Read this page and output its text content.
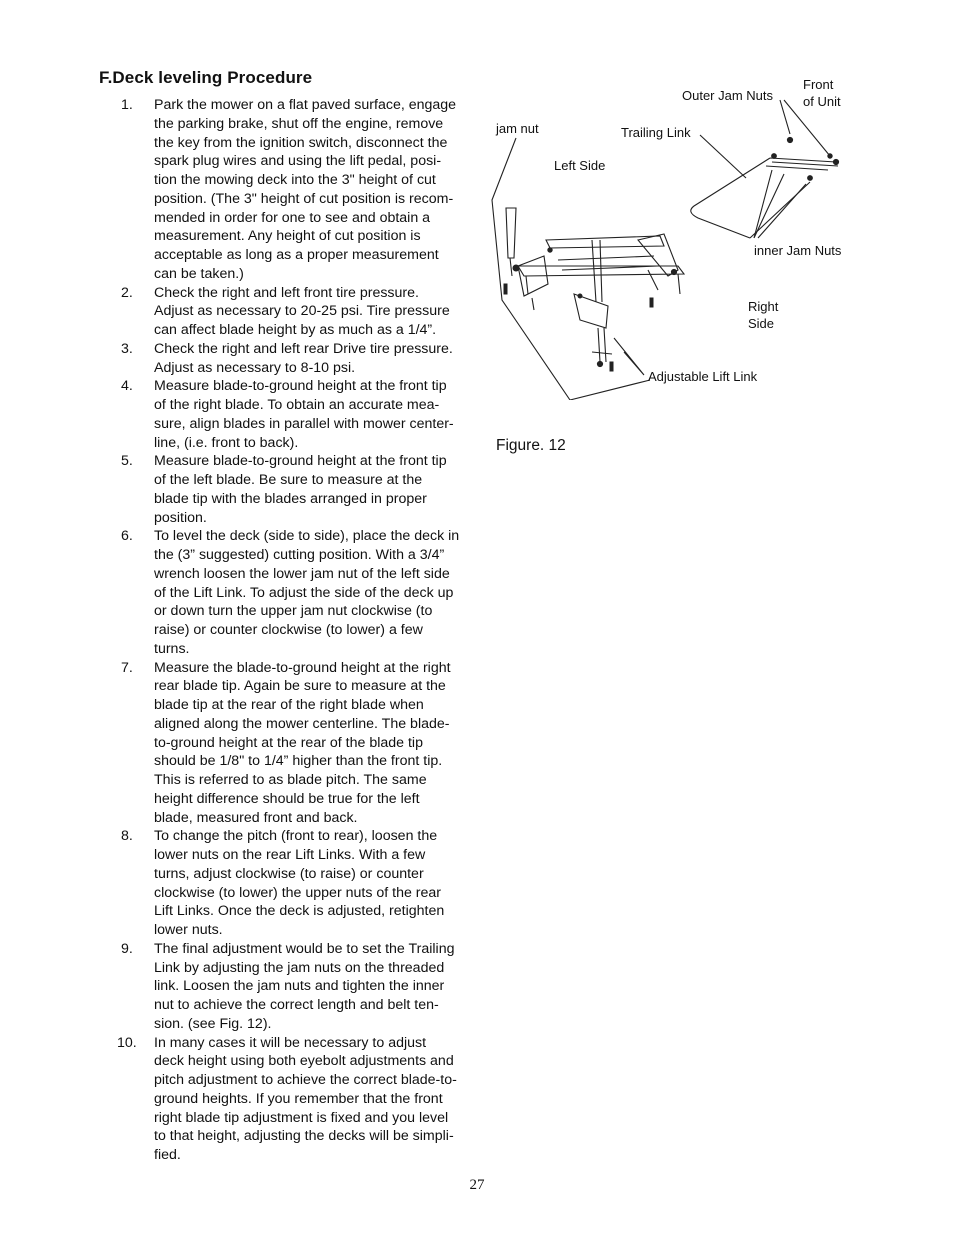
F.Deck leveling Procedure
1. Park the mower on a flat paved surface, engage
the parking brake, shut off the engine, remove
the key from the ignition switch, disconnect the
spark plug wires and using the lift pedal, posi-
tion the mowing deck into the 3" height of cut
position. (The 3" height of cut position is recom-
mended in order for one to see and obtain a
measurement. Any height of cut position is
acceptable as long as a proper measurement
can be taken.)
2. Check the right and left front tire pressure.
Adjust as necessary to 20-25 psi. Tire pressure
can affect blade height by as much as a 1/4”.
3. Check the right and left rear Drive tire pressure.
Adjust as necessary to 8-10 psi.
4. Measure blade-to-ground height at the front tip
of the right blade. To obtain an accurate mea-
sure, align blades in parallel with mower center-
line, (i.e. front to back).
5. Measure blade-to-ground height at the front tip
of the left blade. Be sure to measure at the
blade tip with the blades arranged in proper
position.
6. To level the deck (side to side), place the deck in
the (3” suggested) cutting position. With a 3/4”
wrench loosen the lower jam nut of the left side
of the Lift Link. To adjust the side of the deck up
or down turn the upper jam nut clockwise (to
raise) or counter clockwise (to lower) a few
turns.
7. Measure the blade-to-ground height at the right
rear blade tip. Again be sure to measure at the
blade tip at the rear of the right blade when
aligned along the mower centerline. The blade-
to-ground height at the rear of the blade tip
should be 1/8" to 1/4” higher than the front tip.
This is referred to as blade pitch. The same
height difference should be true for the left
blade, measured front and back.
8. To change the pitch (front to rear), loosen the
lower nuts on the rear Lift Links. With a few
turns, adjust clockwise (to raise) or counter
clockwise (to lower) the upper nuts of the rear
Lift Links. Once the deck is adjusted, retighten
lower nuts.
9. The final adjustment would be to set the Trailing
Link by adjusting the jam nuts on the threaded
link. Loosen the jam nuts and tighten the inner
nut to achieve the correct length and belt ten-
sion. (see Fig. 12).
10. In many cases it will be necessary to adjust
deck height using both eyebolt adjustments and
pitch adjustment to achieve the correct blade-to-
ground heights. If you remember that the front
right blade tip adjustment is fixed and you level
to that height, adjusting the decks will be simpli-
fied.
Front
of Unit
Outer Jam Nuts
jam nut	Trailing Link
Left Side
inner Jam Nuts
Right
Side
Adjustable Lift Link
Figure. 12
27
